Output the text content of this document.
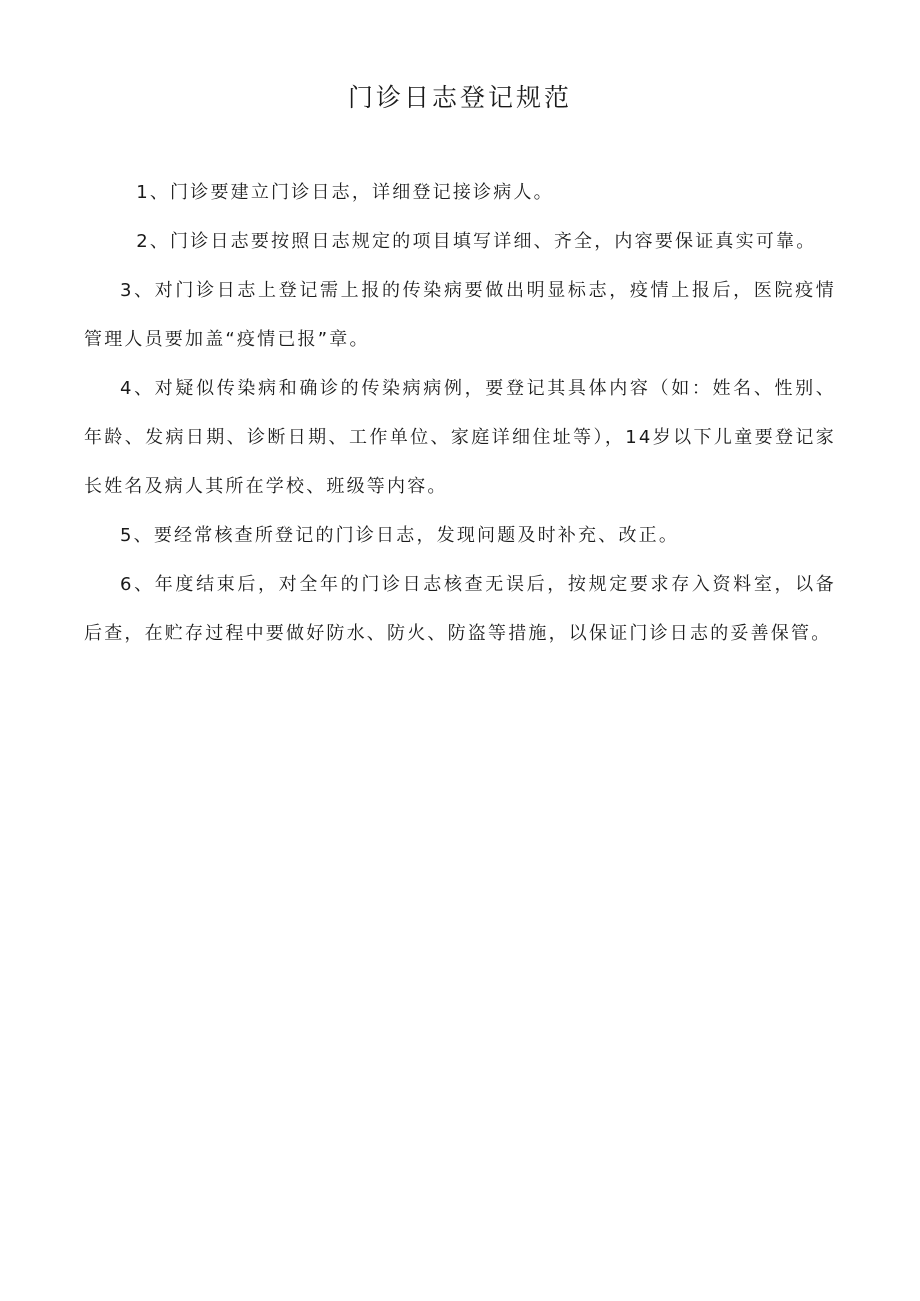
门诊日志登记规范

1、门诊要建立门诊日志，详细登记接诊病人。

2、门诊日志要按照日志规定的项目填写详细、齐全，内容要保证真实可靠。

3、对门诊日志上登记需上报的传染病要做出明显标志，疫情上报后，医院疫情管理人员要加盖“疫情已报”章。

4、对疑似传染病和确诊的传染病病例，要登记其具体内容（如：姓名、性别、年龄、发病日期、诊断日期、工作单位、家庭详细住址等），14岁以下儿童要登记家长姓名及病人其所在学校、班级等内容。

5、要经常核查所登记的门诊日志，发现问题及时补充、改正。

6、年度结束后，对全年的门诊日志核查无误后，按规定要求存入资料室，以备后查，在贮存过程中要做好防水、防火、防盗等措施，以保证门诊日志的妥善保管。
